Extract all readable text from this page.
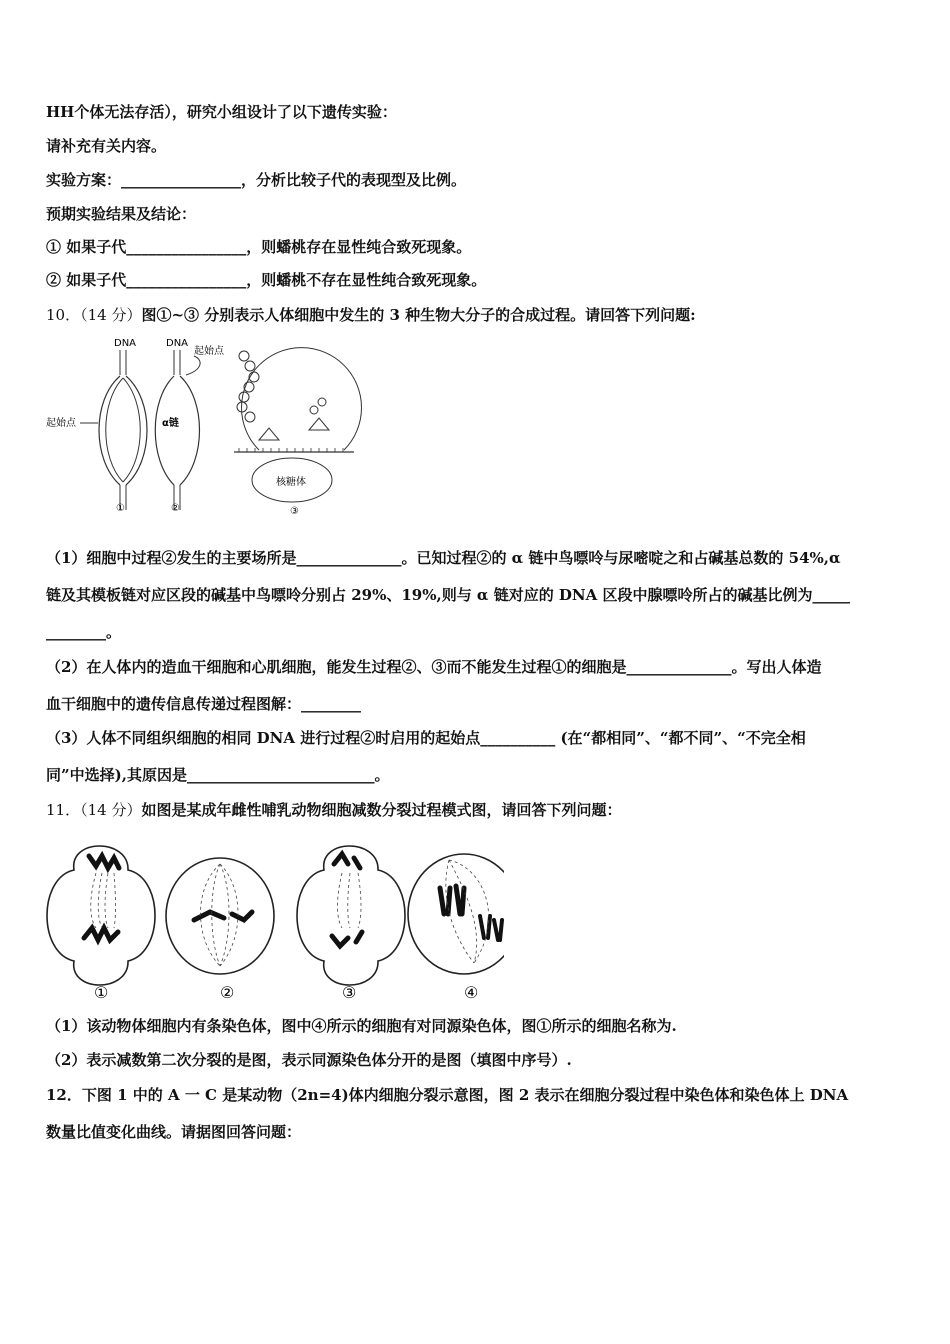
HH个体无法存活），研究小组设计了以下遗传实验：
请补充有关内容。
实验方案：________________，分析比较子代的表现型及比例。
预期实验结果及结论：
① 如果子代________________，则蟠桃存在显性纯合致死现象。
② 如果子代________________，则蟠桃不存在显性纯合致死现象。
10．（14 分）图①~③ 分别表示人体细胞中发生的 3 种生物大分子的合成过程。请回答下列问题:
DNA
起始点
①
DNA
起始点
α链
②
核糖体
③
（1）细胞中过程②发生的主要场所是______________。已知过程②的 α 链中鸟嘌呤与尿嘧啶之和占碱基总数的 54%,α
链及其模板链对应区段的碱基中鸟嘌呤分别占 29%、19%,则与 α 链对应的 DNA 区段中腺嘌呤所占的碱基比例为_____
________。
（2）在人体内的造血干细胞和心肌细胞，能发生过程②、③而不能发生过程①的细胞是______________。写出人体造
血干细胞中的遗传信息传递过程图解：________
（3）人体不同组织细胞的相同 DNA 进行过程②时启用的起始点__________ (在“都相同”、“都不同”、“不完全相
同”中选择),其原因是_________________________。
11．（14 分）如图是某成年雌性哺乳动物细胞减数分裂过程模式图，请回答下列问题：
①	②	③	④
（1）该动物体细胞内有条染色体，图中④所示的细胞有对同源染色体，图①所示的细胞名称为.
（2）表示减数第二次分裂的是图，表示同源染色体分开的是图（填图中序号）.
12．下图 1 中的 A 一 C 是某动物（2n=4)体内细胞分裂示意图，图 2 表示在细胞分裂过程中染色体和染色体上 DNA
数量比值变化曲线。请据图回答问题：
